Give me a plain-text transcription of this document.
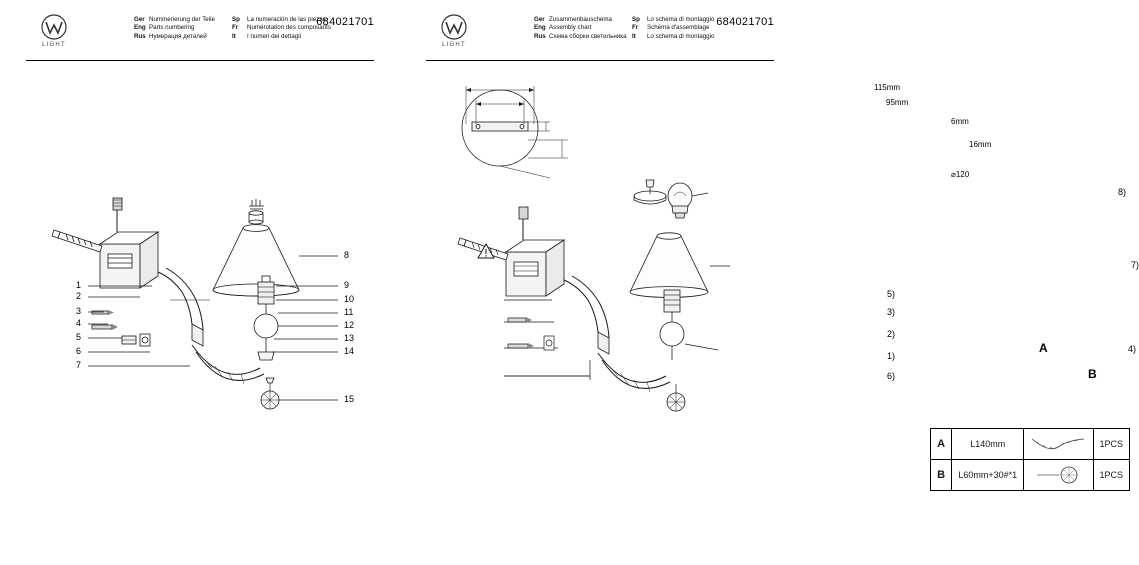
LIGHT
Ger Nummerierung der Teile
Eng Parts numbering
Rus Нумерация деталей
Sp La numeración de las piezas
Fr Numérotation des composants
It I numeri dei dettagli
684021701
1
2
3
4
5
6
7
8
9
10
11
12
13
14
15
LIGHT
Ger Zusammenbauschema
Eng Assembly chart
Rus Схема сборки светильника
Sp Lo schema di montaggio
Fr Schéma d'assemblage
It Lo schema di montaggio
684021701
115mm
95mm
6mm
16mm
⌀120
1)
2)
3)
4)
5)
6)
7)
8)
A
B
A	L140mm		1PCS
B	L60mm+30#*1		1PCS
